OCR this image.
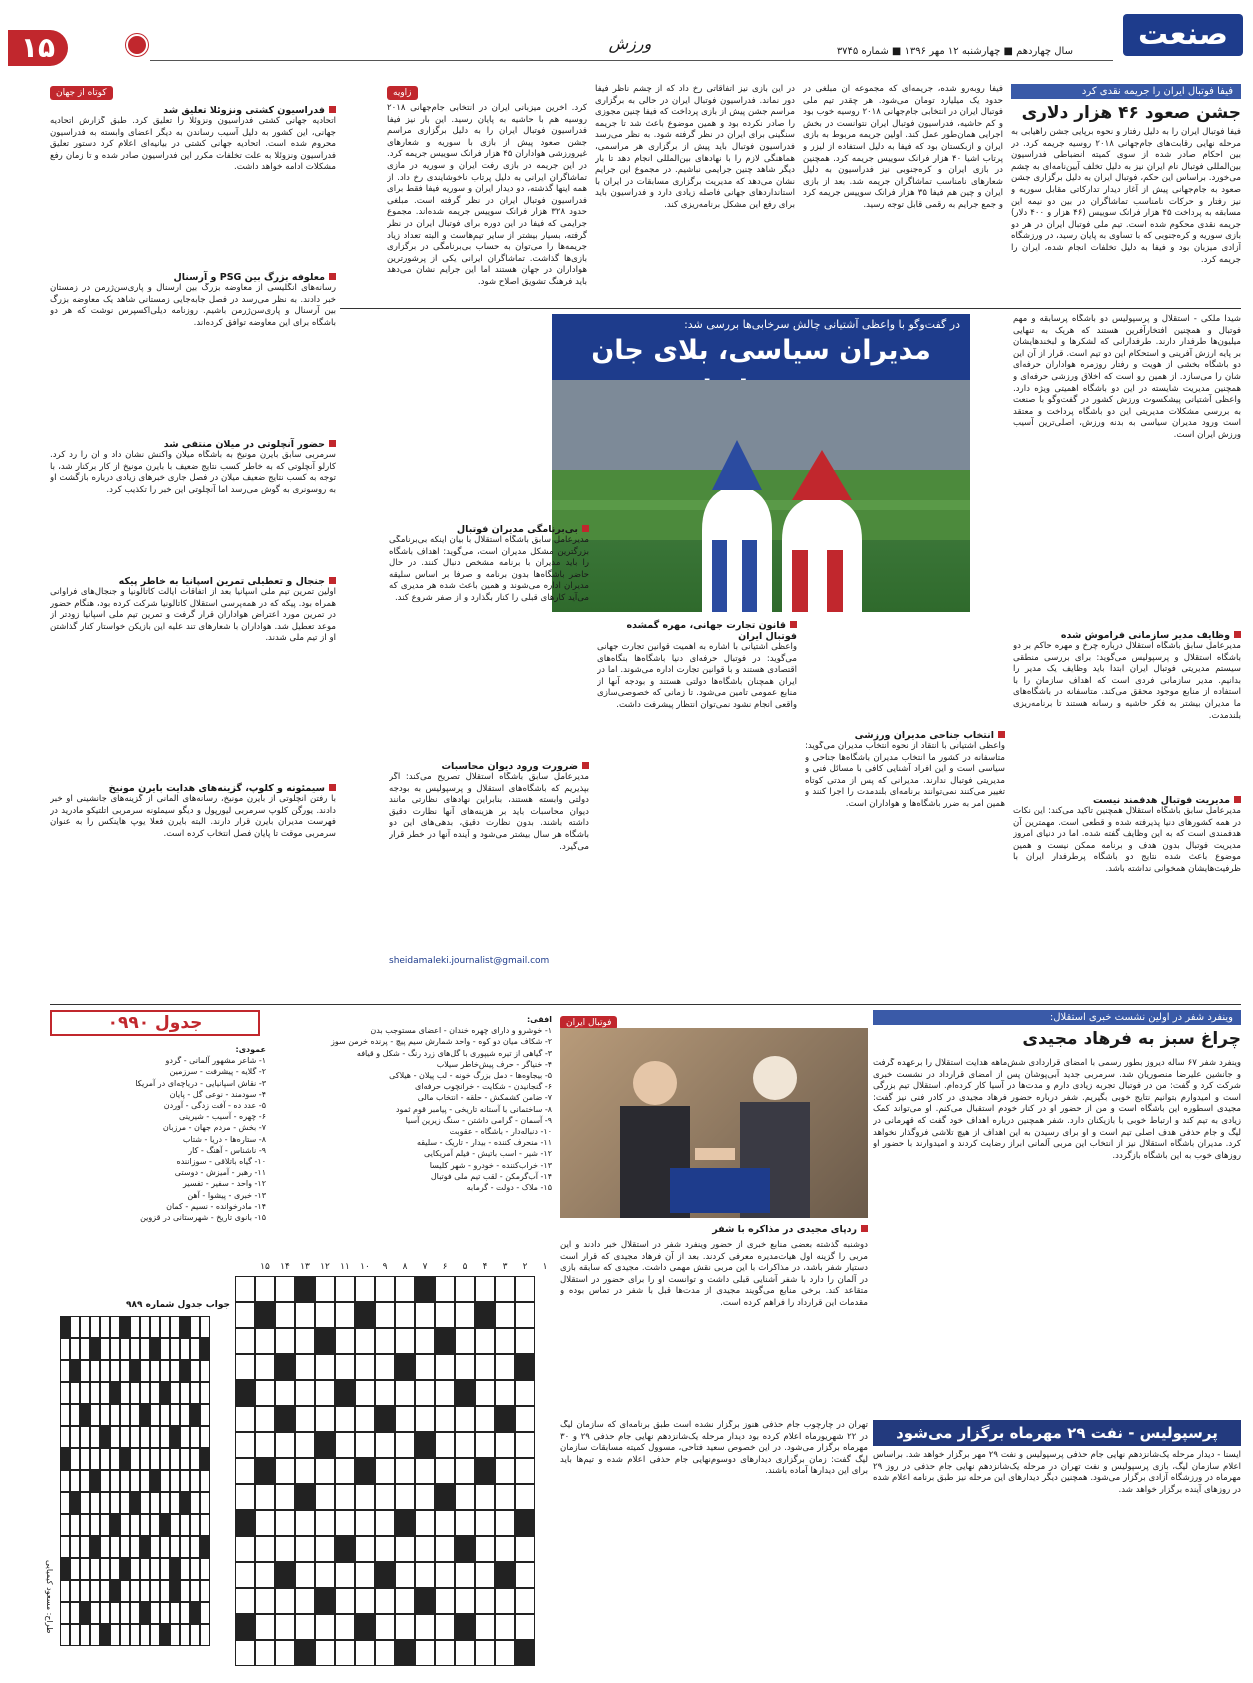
صنعت
سال چهاردهم ■ چهارشنبه ۱۲ مهر ۱۳۹۶ ■ شماره ۳۷۴۵
ورزش
۱۵
فیفا فوتبال ایران را جریمه نقدی کرد
جشن صعود ۴۶ هزار دلاری
فیفا فوتبال ایران را به دلیل رفتار و نحوه برپایی جشن راهیابی به مرحله نهایی رقابت‌های جام‌جهانی ۲۰۱۸ روسیه جریمه کرد. در بین احکام صادر شده از سوی کمیته انضباطی فدراسیون بین‌المللی فوتبال نام ایران نیز به دلیل تخلف آیین‌نامه‌ای به چشم می‌خورد. براساس این حکم، فوتبال ایران به دلیل برگزاری جشن صعود به جام‌جهانی پیش از آغاز دیدار تدارکاتی مقابل سوریه و نیز رفتار و حرکات نامناسب تماشاگران در بین دو نیمه این مسابقه به پرداخت ۴۵ هزار فرانک سوییس (۴۶ هزار و ۴۰۰ دلار) جریمه نقدی محکوم شده است. تیم ملی فوتبال ایران در هر دو بازی سوریه و کره‌جنوبی که با تساوی به پایان رسید، در ورزشگاه آزادی میزبان بود و فیفا به دلیل تخلفات انجام شده، ایران را جریمه کرد.
فیفا روبه‌رو شده، جریمه‌ای که مجموعه آن مبلغی در حدود یک میلیارد تومان می‌شود. هر چقدر تیم ملی فوتبال ایران در انتخابی جام‌جهانی ۲۰۱۸ روسیه خوب بود و کم حاشیه، فدراسیون فوتبال ایران نتوانست در بخش اجرایی همان‌طور عمل کند. اولین جریمه مربوط به بازی ایران و ازبکستان بود که فیفا به دلیل استفاده از لیزر و پرتاب اشیا ۴۰ هزار فرانک سوییس جریمه کرد. همچنین در بازی ایران و کره‌جنوبی نیز فدراسیون به دلیل شعارهای نامناسب تماشاگران جریمه شد. بعد از بازی ایران و چین هم فیفا ۳۵ هزار فرانک سوییس جریمه کرد و جمع جرایم به رقمی قابل توجه رسید.
در این بازی نیز اتفاقاتی رخ داد که از چشم ناظر فیفا دور نماند. فدراسیون فوتبال ایران در حالی به برگزاری مراسم جشن پیش از بازی پرداخت که فیفا چنین مجوزی را صادر نکرده بود و همین موضوع باعث شد تا جریمه سنگینی برای ایران در نظر گرفته شود. به نظر می‌رسد فدراسیون فوتبال باید پیش از برگزاری هر مراسمی، هماهنگی لازم را با نهادهای بین‌المللی انجام دهد تا بار دیگر شاهد چنین جرایمی نباشیم. در مجموع این جرایم نشان می‌دهد که مدیریت برگزاری مسابقات در ایران با استانداردهای جهانی فاصله زیادی دارد و فدراسیون باید برای رفع این مشکل برنامه‌ریزی کند.
زاویه
کرد. آخرین میزبانی ایران در انتخابی جام‌جهانی ۲۰۱۸ روسیه هم با حاشیه به پایان رسید. این بار نیز فیفا فدراسیون فوتبال ایران را به دلیل برگزاری مراسم جشن صعود پیش از بازی با سوریه و شعارهای غیرورزشی هواداران ۴۵ هزار فرانک سوییس جریمه کرد. در این جریمه در بازی رفت ایران و سوریه در مازی تماشاگران ایرانی به دلیل پرتاب ناخوشایندی رخ داد. از همه اینها گذشته، دو دیدار ایران و سوریه فیفا فقط برای فدراسیون فوتبال ایران در نظر گرفته است. مبلغی حدود ۳۲۸ هزار فرانک سوییس جریمه شده‌اند. مجموع جرایمی که فیفا در این دوره برای فوتبال ایران در نظر گرفته، بسیار بیشتر از سایر تیم‌هاست و البته تعداد زیاد جریمه‌ها را می‌توان به حساب بی‌برنامگی در برگزاری بازی‌ها گذاشت. تماشاگران ایرانی یکی از پرشورترین هواداران در جهان هستند اما این جرایم نشان می‌دهد باید فرهنگ تشویق اصلاح شود.
کوتاه از جهان
فدراسیون کشتی ونزوئلا تعلیق شد
اتحادیه جهانی کشتی فدراسیون ونزوئلا را تعلیق کرد. طبق گزارش اتحادیه جهانی، این کشور به دلیل آسیب رساندن به دیگر اعضای وابسته به فدراسیون محروم شده است. اتحادیه جهانی کشتی در بیانیه‌ای اعلام کرد دستور تعلیق فدراسیون ونزوئلا به علت تخلفات مکرر این فدراسیون صادر شده و تا زمان رفع مشکلات ادامه خواهد داشت.
معلوفه بزرگ بین PSG و آرسنال
رسانه‌های انگلیسی از معاوضه بزرگ بین آرسنال و پاری‌سن‌ژرمن در زمستان خبر دادند. به نظر می‌رسد در فصل جابه‌جایی زمستانی شاهد یک معاوضه بزرگ بین آرسنال و پاری‌سن‌ژرمن باشیم. روزنامه دیلی‌اکسپرس نوشت که هر دو باشگاه برای این معاوضه توافق کرده‌اند.
حضور آنچلوتی در میلان منتفی شد
سرمربی سابق بایرن مونیخ به باشگاه میلان واکنش نشان داد و آن را رد کرد. کارلو آنچلوتی که به خاطر کسب نتایج ضعیف با بایرن مونیخ از کار برکنار شد، با توجه به کسب نتایج ضعیف میلان در فصل جاری خبرهای زیادی درباره بازگشت او به روسونری به گوش می‌رسد اما آنچلوتی این خبر را تکذیب کرد.
جنجال و تعطیلی تمرین اسپانیا به خاطر پیکه
اولین تمرین تیم ملی اسپانیا بعد از اتفاقات ایالت کاتالونیا و جنجال‌های فراوانی همراه بود. پیکه که در همه‌پرسی استقلال کاتالونیا شرکت کرده بود، هنگام حضور در تمرین مورد اعتراض هواداران قرار گرفت و تمرین تیم ملی اسپانیا زودتر از موعد تعطیل شد. هواداران با شعارهای تند علیه این بازیکن خواستار کنار گذاشتن او از تیم ملی شدند.
سیمئونه و کلوپ، گزینه‌های هدایت بایرن مونیخ
با رفتن آنچلوتی از بایرن مونیخ، رسانه‌های آلمانی از گزینه‌های جانشینی او خبر دادند. یورگن کلوپ سرمربی لیورپول و دیگو سیمئونه سرمربی اتلتیکو مادرید در فهرست مدیران بایرن قرار دارند. البته بایرن فعلا یوپ هاینکس را به عنوان سرمربی موقت تا پایان فصل انتخاب کرده است.
در گفت‌وگو با واعظی آشتیانی چالش سرخابی‌ها بررسی شد:
مدیران سیاسی، بلای جان
شیدا ملکی - استقلال و پرسپولیس دو باشگاه پرسابقه و مهم فوتبال و همچنین افتخارآفرین هستند که هریک به تنهایی میلیون‌ها طرفدار دارند. طرفدارانی که لشکرها و لبخندهایشان بر پایه ارزش آفرینی و استحکام این دو تیم است. قرار از آن این دو باشگاه بخشی از هویت و رفتار روزمره هواداران حرفه‌ای شان را می‌سازد. از همین رو است که اخلاق ورزشی حرفه‌ای و همچنین مدیریت شایسته در این دو باشگاه اهمیتی ویژه دارد. واعظی آشتیانی پیشکسوت ورزش کشور در گفت‌وگو با صنعت به بررسی مشکلات مدیریتی این دو باشگاه پرداخت و معتقد است ورود مدیران سیاسی به بدنه ورزش، اصلی‌ترین آسیب ورزش ایران است.
وظایف مدیر سازمانی فراموش شده
مدیرعامل سابق باشگاه استقلال درباره چرخ و مهره حاکم بر دو باشگاه استقلال و پرسپولیس می‌گوید: برای بررسی منطقی سیستم مدیریتی فوتبال ایران ابتدا باید وظایف یک مدیر را بدانیم. مدیر سازمانی فردی است که اهداف سازمان را با استفاده از منابع موجود محقق می‌کند. متاسفانه در باشگاه‌های ما مدیران بیشتر به فکر حاشیه و رسانه هستند تا برنامه‌ریزی بلندمدت.
مدیریت فوتبال هدفمند نیست
مدیرعامل سابق باشگاه استقلال همچنین تاکید می‌کند: این نکات در همه کشورهای دنیا پذیرفته شده و قطعی است. مهمترین آن هدفمندی است که به این وظایف گفته شده. اما در دنیای امروز مدیریت فوتبال بدون هدف و برنامه ممکن نیست و همین موضوع باعث شده نتایج دو باشگاه پرطرفدار ایران با ظرفیت‌هایشان همخوانی نداشته باشد.
انتخاب جناحی مدیران ورزشی
واعظی آشتیانی با انتقاد از نحوه انتخاب مدیران می‌گوید: متاسفانه در کشور ما انتخاب مدیران باشگاه‌ها جناحی و سیاسی است و این افراد آشنایی کافی با مسائل فنی و مدیریتی فوتبال ندارند. مدیرانی که پس از مدتی کوتاه تغییر می‌کنند نمی‌توانند برنامه‌ای بلندمدت را اجرا کنند و همین امر به ضرر باشگاه‌ها و هواداران است.
قانون تجارت جهانی، مهره گمشده فوتبال ایران
واعظی آشتیانی با اشاره به اهمیت قوانین تجارت جهانی می‌گوید: در فوتبال حرفه‌ای دنیا باشگاه‌ها بنگاه‌های اقتصادی هستند و با قوانین تجارت اداره می‌شوند. اما در ایران همچنان باشگاه‌ها دولتی هستند و بودجه آنها از منابع عمومی تامین می‌شود. تا زمانی که خصوصی‌سازی واقعی انجام نشود نمی‌توان انتظار پیشرفت داشت.
بی‌برنامگی مدیران فوتبال
مدیرعامل سابق باشگاه استقلال با بیان اینکه بی‌برنامگی بزرگترین مشکل مدیران است، می‌گوید: اهداف باشگاه را باید مدیران با برنامه مشخص دنبال کنند. در حال حاضر باشگاه‌ها بدون برنامه و صرفا بر اساس سلیقه مدیران اداره می‌شوند و همین باعث شده هر مدیری که می‌آید کارهای قبلی را کنار بگذارد و از صفر شروع کند.
ضرورت ورود دیوان محاسبات
مدیرعامل سابق باشگاه استقلال تصریح می‌کند: اگر بپذیریم که باشگاه‌های استقلال و پرسپولیس به بودجه دولتی وابسته هستند، بنابراین نهادهای نظارتی مانند دیوان محاسبات باید بر هزینه‌های آنها نظارت دقیق داشته باشند. بدون نظارت دقیق، بدهی‌های این دو باشگاه هر سال بیشتر می‌شود و آینده آنها در خطر قرار می‌گیرد.
sheidamaleki.journalist@gmail.com
وینفرد شفر در اولین نشست خبری استقلال:
چراغ سبز به فرهاد مجیدی
وینفرد شفر ۶۷ ساله دیروز بطور رسمی با امضای قراردادی شش‌ماهه هدایت استقلال را برعهده گرفت و جانشین علیرضا منصوریان شد. سرمربی جدید آبی‌پوشان پس از امضای قرارداد در نشست خبری شرکت کرد و گفت: من در فوتبال تجربه زیادی دارم و مدت‌ها در آسیا کار کرده‌ام. استقلال تیم بزرگی است و امیدوارم بتوانیم نتایج خوبی بگیریم. شفر درباره حضور فرهاد مجیدی در کادر فنی نیز گفت: مجیدی اسطوره این باشگاه است و من از حضور او در کنار خودم استقبال می‌کنم. او می‌تواند کمک زیادی به تیم کند و ارتباط خوبی با بازیکنان دارد. شفر همچنین درباره اهداف خود گفت که قهرمانی در لیگ و جام حذفی هدف اصلی تیم است و او برای رسیدن به این اهداف از هیچ تلاشی فروگذار نخواهد کرد. مدیران باشگاه استقلال نیز از انتخاب این مربی آلمانی ابراز رضایت کردند و امیدوارند با حضور او روزهای خوب به این باشگاه بازگردد.
فوتبال ایران
ردپای مجیدی در مذاکره با شفر
دوشنبه گذشته بعضی منابع خبری از حضور وینفرد شفر در استقلال خبر دادند و این مربی را گزینه اول هیات‌مدیره معرفی کردند. بعد از آن فرهاد مجیدی که قرار است دستیار شفر باشد، در مذاکرات با این مربی نقش مهمی داشت. مجیدی که سابقه بازی در آلمان را دارد با شفر آشنایی قبلی داشت و توانست او را برای حضور در استقلال متقاعد کند. برخی منابع می‌گویند مجیدی از مدت‌ها قبل با شفر در تماس بوده و مقدمات این قرارداد را فراهم کرده است.
پرسپولیس - نفت ۲۹ مهرماه برگزار می‌شود
ایسنا - دیدار مرحله یک‌شانزدهم نهایی جام حذفی پرسپولیس و نفت ۲۹ مهر برگزار خواهد شد. براساس اعلام سازمان لیگ، بازی پرسپولیس و نفت تهران در مرحله یک‌شانزدهم نهایی جام حذفی در روز ۲۹ مهرماه در ورزشگاه آزادی برگزار می‌شود. همچنین دیگر دیدارهای این مرحله نیز طبق برنامه اعلام شده در روزهای آینده برگزار خواهد شد.
تهران در چارچوب جام حذفی هنوز برگزار نشده است طبق برنامه‌ای که سازمان لیگ در ۲۲ شهریورماه اعلام کرده بود دیدار مرحله یک‌شانزدهم نهایی جام حذفی ۲۹ و ۳۰ مهرماه برگزار می‌شود. در این خصوص سعید فتاحی، مسوول کمیته مسابقات سازمان لیگ گفت: زمان برگزاری دیدارهای دوسوم‌نهایی جام حذفی اعلام شده و تیم‌ها باید برای این دیدارها آماده باشند.
جدول ۰۹۹۰	افقی:
۱- خوشرو و دارای چهره خندان - اعضای مستوجب بدن
۲- شکاف میان دو کوه - واحد شمارش سیم پیچ - پرنده خرمن سوز
۳- گیاهی از تیره شیپوری با گل‌های زرد رنگ - شکل و قیافه
۴- خنیاگر - حرف پیش‌خاطر سیلاب
۵- بیجاوه‌ها - دمل بزرگ خونه - لب پیلان - هیلاکی
۶- گنجانیدن - شکایت - خرانچوب حرفه‌ای
۷- ضامن کشمکش - حلقه - انتخاب مالی
۸- ساختمانی با آستانه تاریخی - پیامبر قوم ثمود
۹- آسمان - گرامی داشتن - سنگ زیرین آسیا
۱۰- دنباله‌دار - باشگاه - عقوبت
۱۱- منحرف کننده - بیدار - تاریک - سلیقه
۱۲- شیر - اسب باتیش - فیلم آمریکایی
۱۳- خراب‌کننده - خودرو - شهر کلیسا
۱۴- آب‌گرمکن - لقب تیم ملی فوتبال
۱۵- ملاک - دولت - گرمابه
عمودی:
۱- شاعر مشهور آلمانی - گردو
۲- گلایه - پیشرفت - سرزمین
۳- نقاش اسپانیایی - دریاچه‌ای در آمریکا
۴- سودمند - نوعی گل - پایان
۵- عدد ده - آفت زدگی - آوردن
۶- چهره - آسیب - شیرینی
۷- بخش - مردم جهان - مرزبان
۸- ستاره‌ها - دریا - شتاب
۹- ناشناس - آهنگ - کار
۱۰- گیاه باتلاقی - سوزاننده
۱۱- رهبر - آمیزش - دوستی
۱۲- واحد - سفیر - تفسیر
۱۳- خبری - پیشوا - آهن
۱۴- مادرخوانده - نسیم - کمان
۱۵- بانوی تاریخ - شهرستانی در قزوین
۱
۲
۳
۴
۵
۶
۷
۸
۹
۱۰
۱۱
۱۲
۱۳
۱۴
۱۵
جواب جدول شماره ۹۸۹
طراح: مسعود کیمیایی
